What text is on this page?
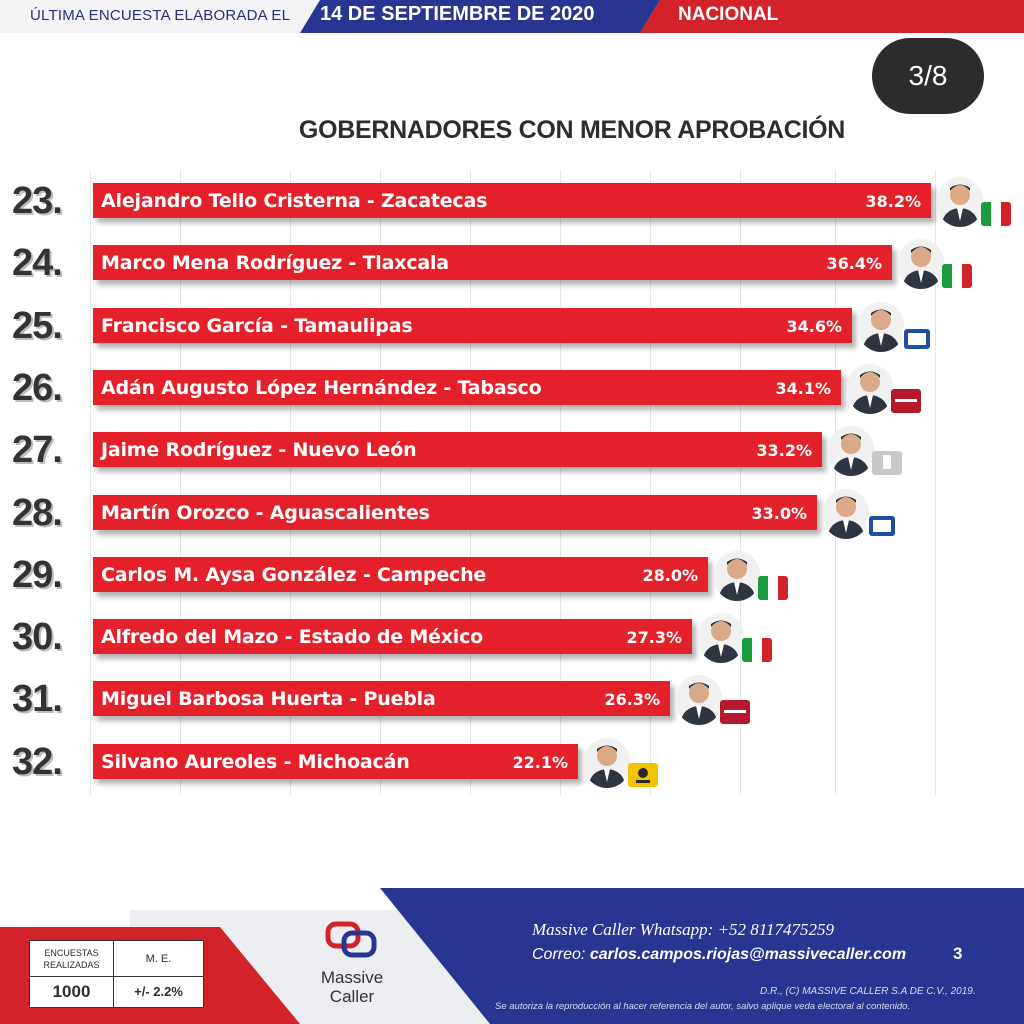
ÚLTIMA ENCUESTA ELABORADA EL 14 DE SEPTIEMBRE DE 2020	NACIONAL
3/8
GOBERNADORES CON MENOR APROBACIÓN
23. Alejandro Tello Cristerna - Zacatecas	38.2%
24. Marco Mena Rodríguez - Tlaxcala	36.4%
25. Francisco García - Tamaulipas	34.6%
26. Adán Augusto López Hernández - Tabasco	34.1%
27. Jaime Rodríguez - Nuevo León	33.2%
28. Martín Orozco - Aguascalientes	33.0%
29. Carlos M. Aysa González - Campeche	28.0%
30. Alfredo del Mazo - Estado de México	27.3%
31. Miguel Barbosa Huerta - Puebla	26.3%
32. Silvano Aureoles - Michoacán	22.1%
ENCUESTAS REALIZADAS	M. E.
1000	+/- 2.2%
Massive Caller
Massive Caller Whatsapp: +52 8117475259
Correo: carlos.campos.riojas@massivecaller.com	3
D.R., (C) MASSIVE CALLER S.A DE C.V., 2019.
Se autoriza la reproducción al hacer referencia del autor, salvo aplique veda electoral al contenido.
